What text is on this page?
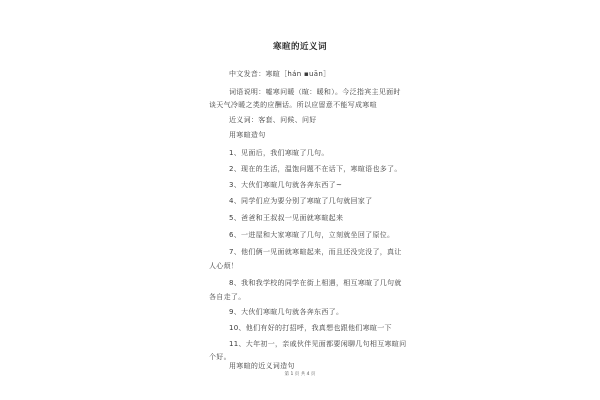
寒暄的近义词
中文发音：寒暄［hán ▪uān］
词语说明：嘘寒问暖（暄：暖和）。今泛指宾主见面时
谈天气冷暖之类的应酬话。所以应留意不能写成寒喧
近义词：客套、问候、问好
用寒暄造句
1、见面后，我们寒暄了几句。
2、现在的生活，温饱问题不在话下，寒暄语也多了。
3、大伙们寒暄几句就各奔东西了~
4、同学们应为要分别了寒暄了几句就回家了
5、爸爸和王叔叔一见面就寒暄起来
6、一进屋和大家寒暄了几句，立刻就坐回了原位。
7、他们俩一见面就寒暄起来，而且还没完没了，真让
人心烦！
8、我和我学校的同学在街上相遇，相互寒暄了几句就
各自走了。
9、大伙们寒暄几句就各奔东西了。
10、他们有好的打招呼，我真想也跟他们寒暄一下
11、大年初一，亲戚伙伴见面都要闲聊几句相互寒暄问
个好。
用寒暄的近义词造句
第 1 页 共 4 页
